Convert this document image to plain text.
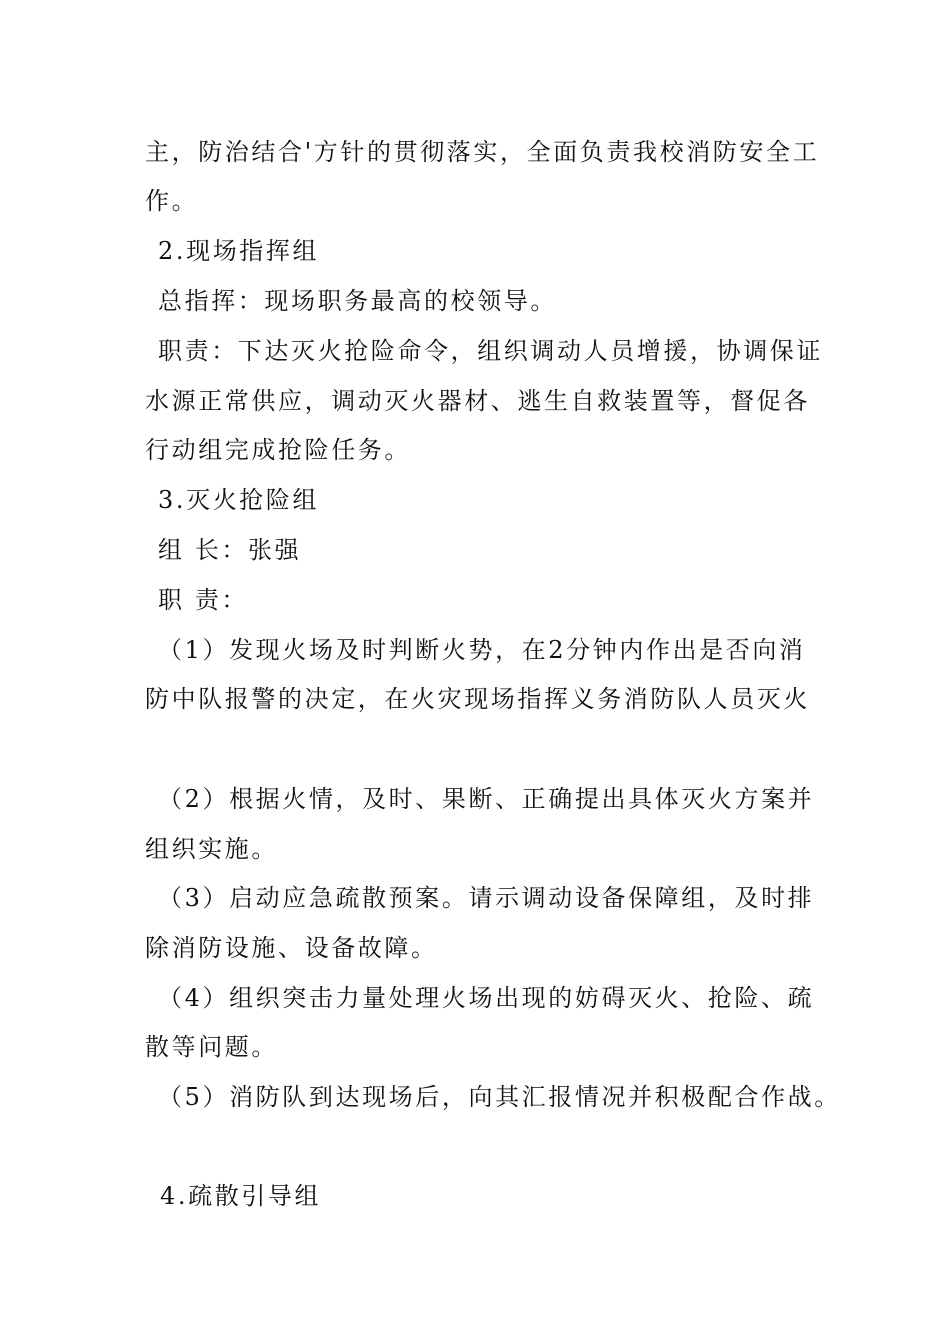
主，防治结合'方针的贯彻落实，全面负责我校消防安全工
作。
2.现场指挥组
总指挥：现场职务最高的校领导。
职责：下达灭火抢险命令，组织调动人员增援，协调保证
水源正常供应，调动灭火器材、逃生自救装置等，督促各
行动组完成抢险任务。
3.灭火抢险组
组 长：张强
职 责：
（1）发现火场及时判断火势，在2分钟内作出是否向消
防中队报警的决定，在火灾现场指挥义务消防队人员灭火
（2）根据火情，及时、果断、正确提出具体灭火方案并
组织实施。
（3）启动应急疏散预案。请示调动设备保障组，及时排
除消防设施、设备故障。
（4）组织突击力量处理火场出现的妨碍灭火、抢险、疏
散等问题。
（5）消防队到达现场后，向其汇报情况并积极配合作战。
4.疏散引导组
